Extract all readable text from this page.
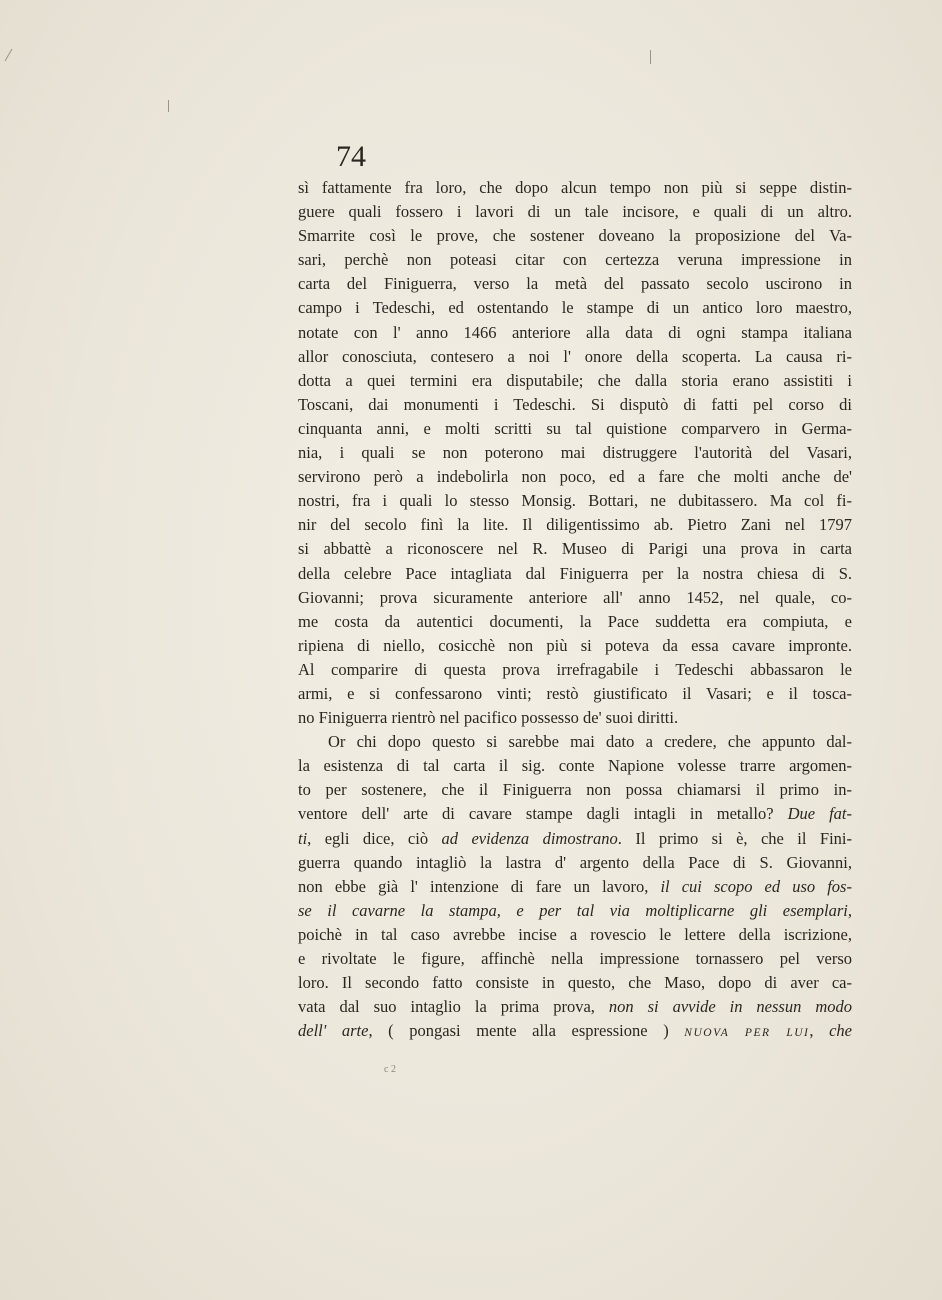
74
sì fattamente fra loro, che dopo alcun tempo non più si seppe distin-
guere quali fossero i lavori di un tale incisore, e quali di un altro.
Smarrite così le prove, che sostener doveano la proposizione del Va-
sari, perchè non poteasi citar con certezza veruna impressione in
carta del Finiguerra, verso la metà del passato secolo uscirono in
campo i Tedeschi, ed ostentando le stampe di un antico loro maestro,
notate con l' anno 1466 anteriore alla data di ogni stampa italiana
allor conosciuta, contesero a noi l' onore della scoperta. La causa ri-
dotta a quei termini era disputabile; che dalla storia erano assistiti i
Toscani, dai monumenti i Tedeschi. Si disputò di fatti pel corso di
cinquanta anni, e molti scritti su tal quistione comparvero in Germa-
nia, i quali se non poterono mai distruggere l'autorità del Vasari,
servirono però a indebolirla non poco, ed a fare che molti anche de'
nostri, fra i quali lo stesso Monsig. Bottari, ne dubitassero. Ma col fi-
nir del secolo finì la lite. Il diligentissimo ab. Pietro Zani nel 1797
si abbattè a riconoscere nel R. Museo di Parigi una prova in carta
della celebre Pace intagliata dal Finiguerra per la nostra chiesa di S.
Giovanni; prova sicuramente anteriore all' anno 1452, nel quale, co-
me costa da autentici documenti, la Pace suddetta era compiuta, e
ripiena di niello, cosicchè non più si poteva da essa cavare impronte.
Al comparire di questa prova irrefragabile i Tedeschi abbassaron le
armi, e si confessarono vinti; restò giustificato il Vasari; e il tosca-
no Finiguerra rientrò nel pacifico possesso de' suoi diritti.
Or chi dopo questo si sarebbe mai dato a credere, che appunto dal-
la esistenza di tal carta il sig. conte Napione volesse trarre argomen-
to per sostenere, che il Finiguerra non possa chiamarsi il primo in-
ventore dell' arte di cavare stampe dagli intagli in metallo? Due fat-
ti, egli dice, ciò ad evidenza dimostrano. Il primo si è, che il Fini-
guerra quando intagliò la lastra d' argento della Pace di S. Giovanni,
non ebbe già l' intenzione di fare un lavoro, il cui scopo ed uso fos-
se il cavarne la stampa, e per tal via moltiplicarne gli esemplari,
poichè in tal caso avrebbe incise a rovescio le lettere della iscrizione,
e rivoltate le figure, affinchè nella impressione tornassero pel verso
loro. Il secondo fatto consiste in questo, che Maso, dopo di aver ca-
vata dal suo intaglio la prima prova, non si avvide in nessun modo
dell' arte, ( pongasi mente alla espressione ) NUOVA PER LUI, che
c 2
